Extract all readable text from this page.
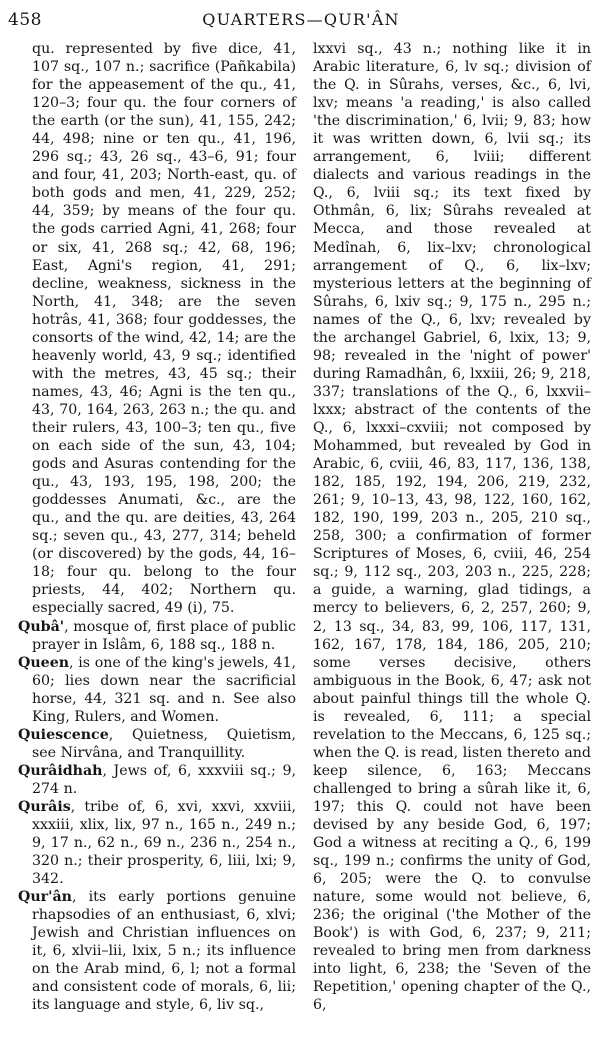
458	QUARTERS—QUR'ÂN

qu. represented by five dice, 41, 107 sq., 107 n.; sacrifice (Pañkabila) for the appeasement of the qu., 41, 120–3; four qu. the four corners of the earth (or the sun), 41, 155, 242; 44, 498; nine or ten qu., 41, 196, 296 sq.; 43, 26 sq., 43–6, 91; four and four, 41, 203; North-east, qu. of both gods and men, 41, 229, 252; 44, 359; by means of the four qu. the gods carried Agni, 41, 268; four or six, 41, 268 sq.; 42, 68, 196; East, Agni's region, 41, 291; decline, weakness, sickness in the North, 41, 348; are the seven hotrâs, 41, 368; four goddesses, the consorts of the wind, 42, 14; are the heavenly world, 43, 9 sq.; identified with the metres, 43, 45 sq.; their names, 43, 46; Agni is the ten qu., 43, 70, 164, 263, 263 n.; the qu. and their rulers, 43, 100–3; ten qu., five on each side of the sun, 43, 104; gods and Asuras contending for the qu., 43, 193, 195, 198, 200; the goddesses Anumati, &c., are the qu., and the qu. are deities, 43, 264 sq.; seven qu., 43, 277, 314; beheld (or discovered) by the gods, 44, 16–18; four qu. belong to the four priests, 44, 402; Northern qu. especially sacred, 49 (i), 75.

Qubâ', mosque of, first place of public prayer in Islâm, 6, 188 sq., 188 n.

Queen, is one of the king's jewels, 41, 60; lies down near the sacrificial horse, 44, 321 sq. and n. See also King, Rulers, and Women.

Quiescence, Quietness, Quietism, see Nirvâna, and Tranquillity.

Qurâidhah, Jews of, 6, xxxviii sq.; 9, 274 n.

Qurâis, tribe of, 6, xvi, xxvi, xxviii, xxxiii, xlix, lix, 97 n., 165 n., 249 n.; 9, 17 n., 62 n., 69 n., 236 n., 254 n., 320 n.; their prosperity, 6, liii, lxi; 9, 342.

Qur'ân, its early portions genuine rhapsodies of an enthusiast, 6, xlvi; Jewish and Christian influences on it, 6, xlvii–lii, lxix, 5 n.; its influence on the Arab mind, 6, l; not a formal and consistent code of morals, 6, lii; its language and style, 6, liv sq.,

lxxvi sq., 43 n.; nothing like it in Arabic literature, 6, lv sq.; division of the Q. in Sûrahs, verses, &c., 6, lvi, lxv; means 'a reading,' is also called 'the discrimination,' 6, lvii; 9, 83; how it was written down, 6, lvii sq.; its arrangement, 6, lviii; different dialects and various readings in the Q., 6, lviii sq.; its text fixed by Othmân, 6, lix; Sûrahs revealed at Mecca, and those revealed at Medînah, 6, lix–lxv; chronological arrangement of Q., 6, lix–lxv; mysterious letters at the beginning of Sûrahs, 6, lxiv sq.; 9, 175 n., 295 n.; names of the Q., 6, lxv; revealed by the archangel Gabriel, 6, lxix, 13; 9, 98; revealed in the 'night of power' during Ramadhân, 6, lxxiii, 26; 9, 218, 337; translations of the Q., 6, lxxvii–lxxx; abstract of the contents of the Q., 6, lxxxi–cxviii; not composed by Mohammed, but revealed by God in Arabic, 6, cviii, 46, 83, 117, 136, 138, 182, 185, 192, 194, 206, 219, 232, 261; 9, 10–13, 43, 98, 122, 160, 162, 182, 190, 199, 203 n., 205, 210 sq., 258, 300; a confirmation of former Scriptures of Moses, 6, cviii, 46, 254 sq.; 9, 112 sq., 203, 203 n., 225, 228; a guide, a warning, glad tidings, a mercy to believers, 6, 2, 257, 260; 9, 2, 13 sq., 34, 83, 99, 106, 117, 131, 162, 167, 178, 184, 186, 205, 210; some verses decisive, others ambiguous in the Book, 6, 47; ask not about painful things till the whole Q. is revealed, 6, 111; a special revelation to the Meccans, 6, 125 sq.; when the Q. is read, listen thereto and keep silence, 6, 163; Meccans challenged to bring a sûrah like it, 6, 197; this Q. could not have been devised by any beside God, 6, 197; God a witness at reciting a Q., 6, 199 sq., 199 n.; confirms the unity of God, 6, 205; were the Q. to convulse nature, some would not believe, 6, 236; the original ('the Mother of the Book') is with God, 6, 237; 9, 211; revealed to bring men from darkness into light, 6, 238; the 'Seven of the Repetition,' opening chapter of the Q., 6,
